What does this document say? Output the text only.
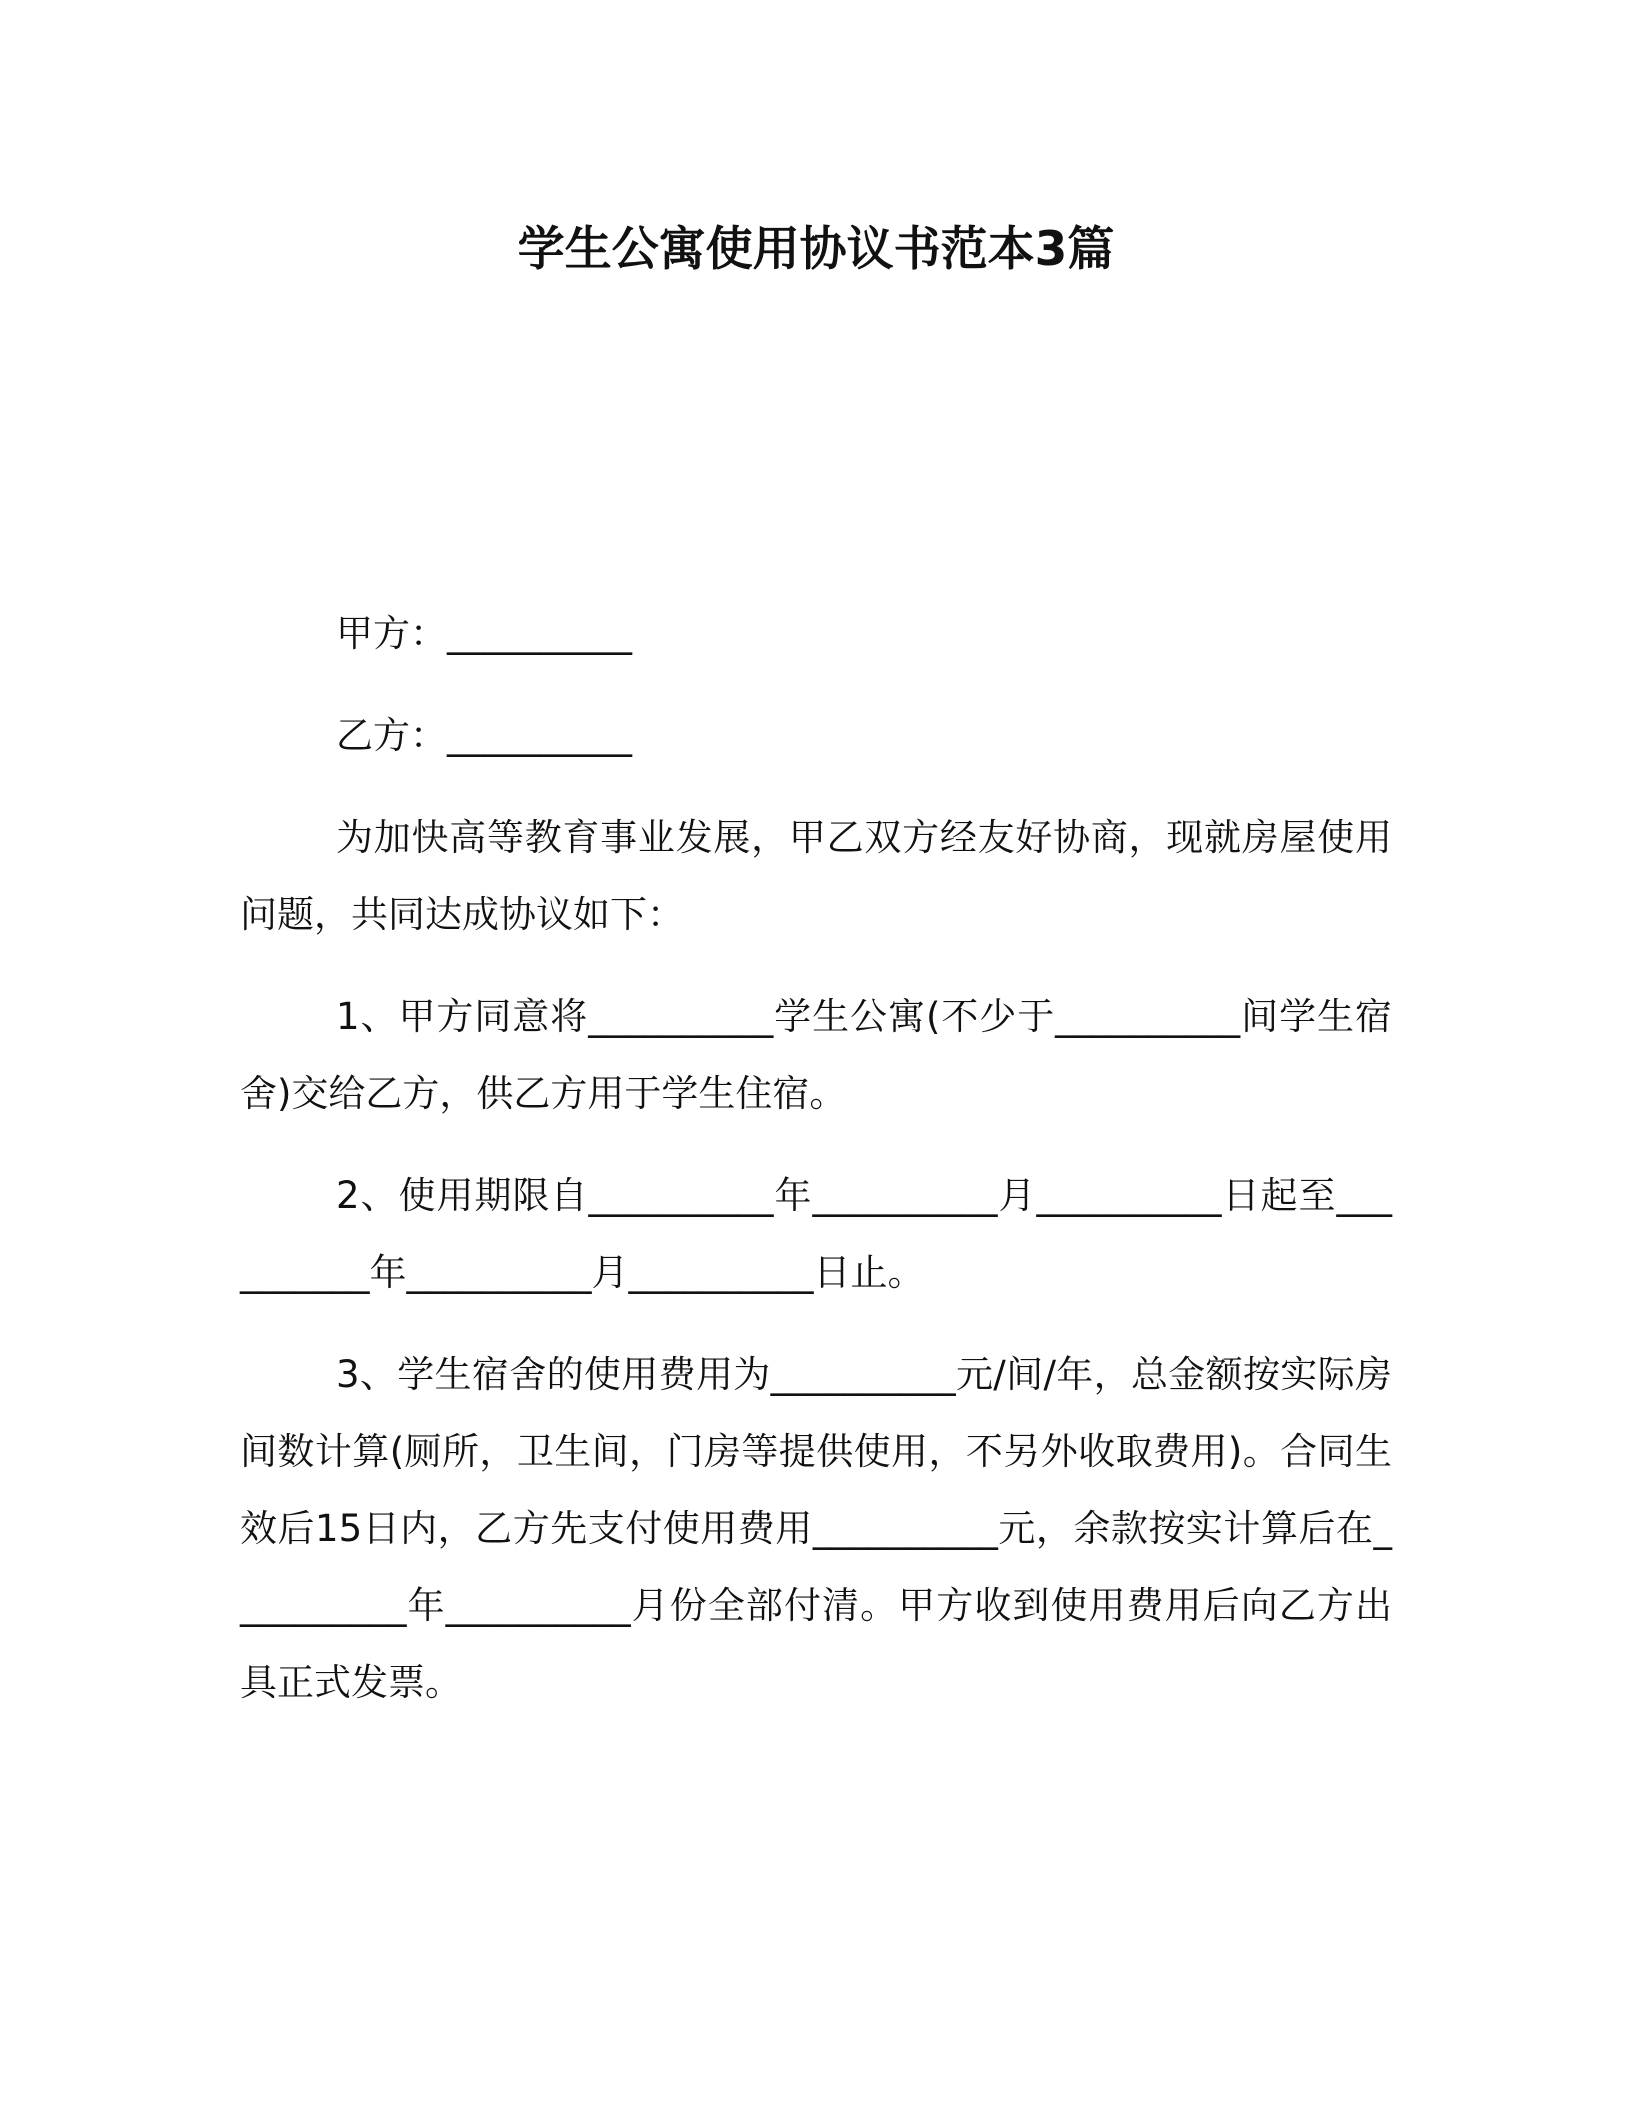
学生公寓使用协议书范本3篇

甲方：__________

乙方：__________

为加快高等教育事业发展，甲乙双方经友好协商，现就房屋使用问题，共同达成协议如下：

1、甲方同意将__________学生公寓(不少于__________间学生宿舍)交给乙方，供乙方用于学生住宿。

2、使用期限自__________年__________月__________日起至__________年__________月__________日止。

3、学生宿舍的使用费用为__________元/间/年，总金额按实际房间数计算(厕所，卫生间，门房等提供使用，不另外收取费用)。合同生效后15日内，乙方先支付使用费用__________元，余款按实计算后在__________年__________月份全部付清。甲方收到使用费用后向乙方出具正式发票。
